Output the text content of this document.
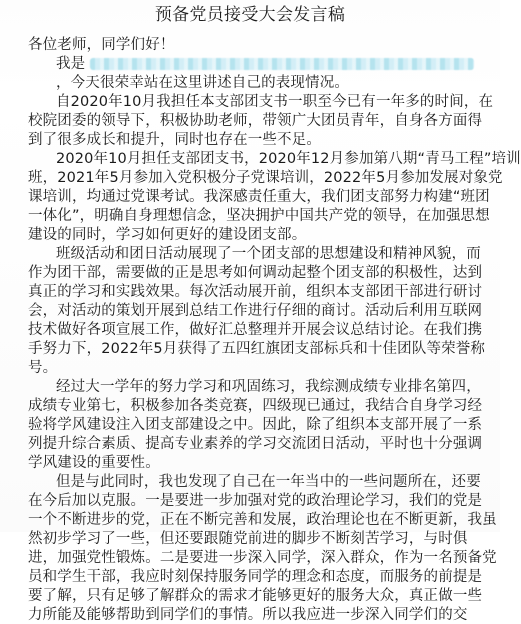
预备党员接受大会发言稿
各位老师，同学们好！
我是
，今天很荣幸站在这里讲述自己的表现情况。
自2020年10月我担任本支部团支书一职至今已有一年多的时间，在
校院团委的领导下，积极协助老师，带领广大团员青年，自身各方面得
到了很多成长和提升，同时也存在一些不足。
2020年10月担任支部团支书，2020年12月参加第八期“青马工程”培训
班，2021年5月参加入党积极分子党课培训，2022年5月参加发展对象党
课培训，均通过党课考试。我深感责任重大，我们团支部努力构建“班团
一体化”，明确自身理想信念，坚决拥护中国共产党的领导，在加强思想
建设的同时，学习如何更好的建设团支部。
班级活动和团日活动展现了一个团支部的思想建设和精神风貌，而
作为团干部，需要做的正是思考如何调动起整个团支部的积极性，达到
真正的学习和实践效果。每次活动展开前，组织本支部团干部进行研讨
会，对活动的策划开展到总结工作进行仔细的商讨。活动后利用互联网
技术做好各项宣展工作，做好汇总整理并开展会议总结讨论。在我们携
手努力下，2022年5月获得了五四红旗团支部标兵和十佳团队等荣誉称
号。
经过大一学年的努力学习和巩固练习，我综测成绩专业排名第四，
成绩专业第七，积极参加各类竞赛，四级现已通过，我结合自身学习经
验将学风建设注入团支部建设之中。因此，除了组织本支部开展了一系
列提升综合素质、提高专业素养的学习交流团日活动，平时也十分强调
学风建设的重要性。
但是与此同时，我也发现了自己在一年当中的一些问题所在，还要
在今后加以克服。一是要进一步加强对党的政治理论学习，我们的党是
一个不断进步的党，正在不断完善和发展，政治理论也在不断更新，我虽
然初步学习了一些，但还要跟随党前进的脚步不断刻苦学习，与时俱
进，加强党性锻炼。二是要进一步深入同学，深入群众，作为一名预备党
员和学生干部，我应时刻保持服务同学的理念和态度，而服务的前提是
要了解，只有足够了解群众的需求才能够更好的服务大众，真正做一些
力所能及能够帮助到同学们的事情。所以我应进一步深入同学们的交
